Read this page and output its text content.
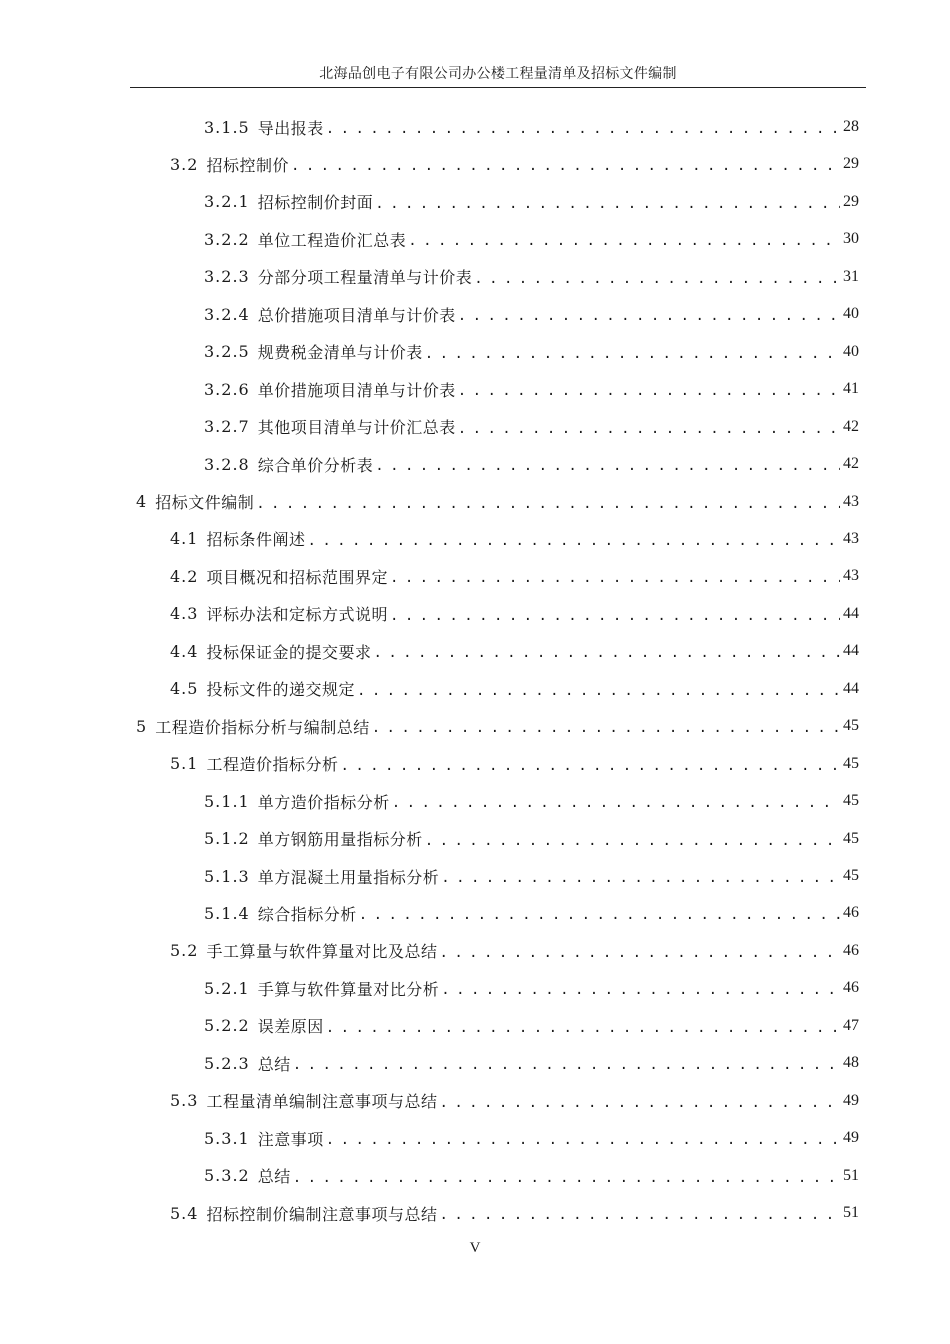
北海品创电子有限公司办公楼工程量清单及招标文件编制
3.1.5 导出报表 . . .	28
3.2 招标控制价 . . .	29
3.2.1 招标控制价封面 . . .	29
3.2.2 单位工程造价汇总表 . . .	30
3.2.3 分部分项工程量清单与计价表 . . .	31
3.2.4 总价措施项目清单与计价表 . . .	40
3.2.5 规费税金清单与计价表 . . .	40
3.2.6 单价措施项目清单与计价表 . . .	41
3.2.7 其他项目清单与计价汇总表 . . .	42
3.2.8 综合单价分析表 . . .	42
4 招标文件编制 . . .	43
4.1 招标条件阐述 . . .	43
4.2 项目概况和招标范围界定 . . .	43
4.3 评标办法和定标方式说明 . . .	44
4.4 投标保证金的提交要求 . . .	44
4.5 投标文件的递交规定 . . .	44
5 工程造价指标分析与编制总结 . . .	45
5.1 工程造价指标分析 . . .	45
5.1.1 单方造价指标分析 . . .	45
5.1.2 单方钢筋用量指标分析 . . .	45
5.1.3 单方混凝土用量指标分析 . . .	45
5.1.4 综合指标分析 . . .	46
5.2 手工算量与软件算量对比及总结 . . .	46
5.2.1 手算与软件算量对比分析 . . .	46
5.2.2 误差原因 . . .	47
5.2.3 总结 . . .	48
5.3 工程量清单编制注意事项与总结 . . .	49
5.3.1 注意事项 . . .	49
5.3.2 总结 . . .	51
5.4 招标控制价编制注意事项与总结 . . .	51
V
